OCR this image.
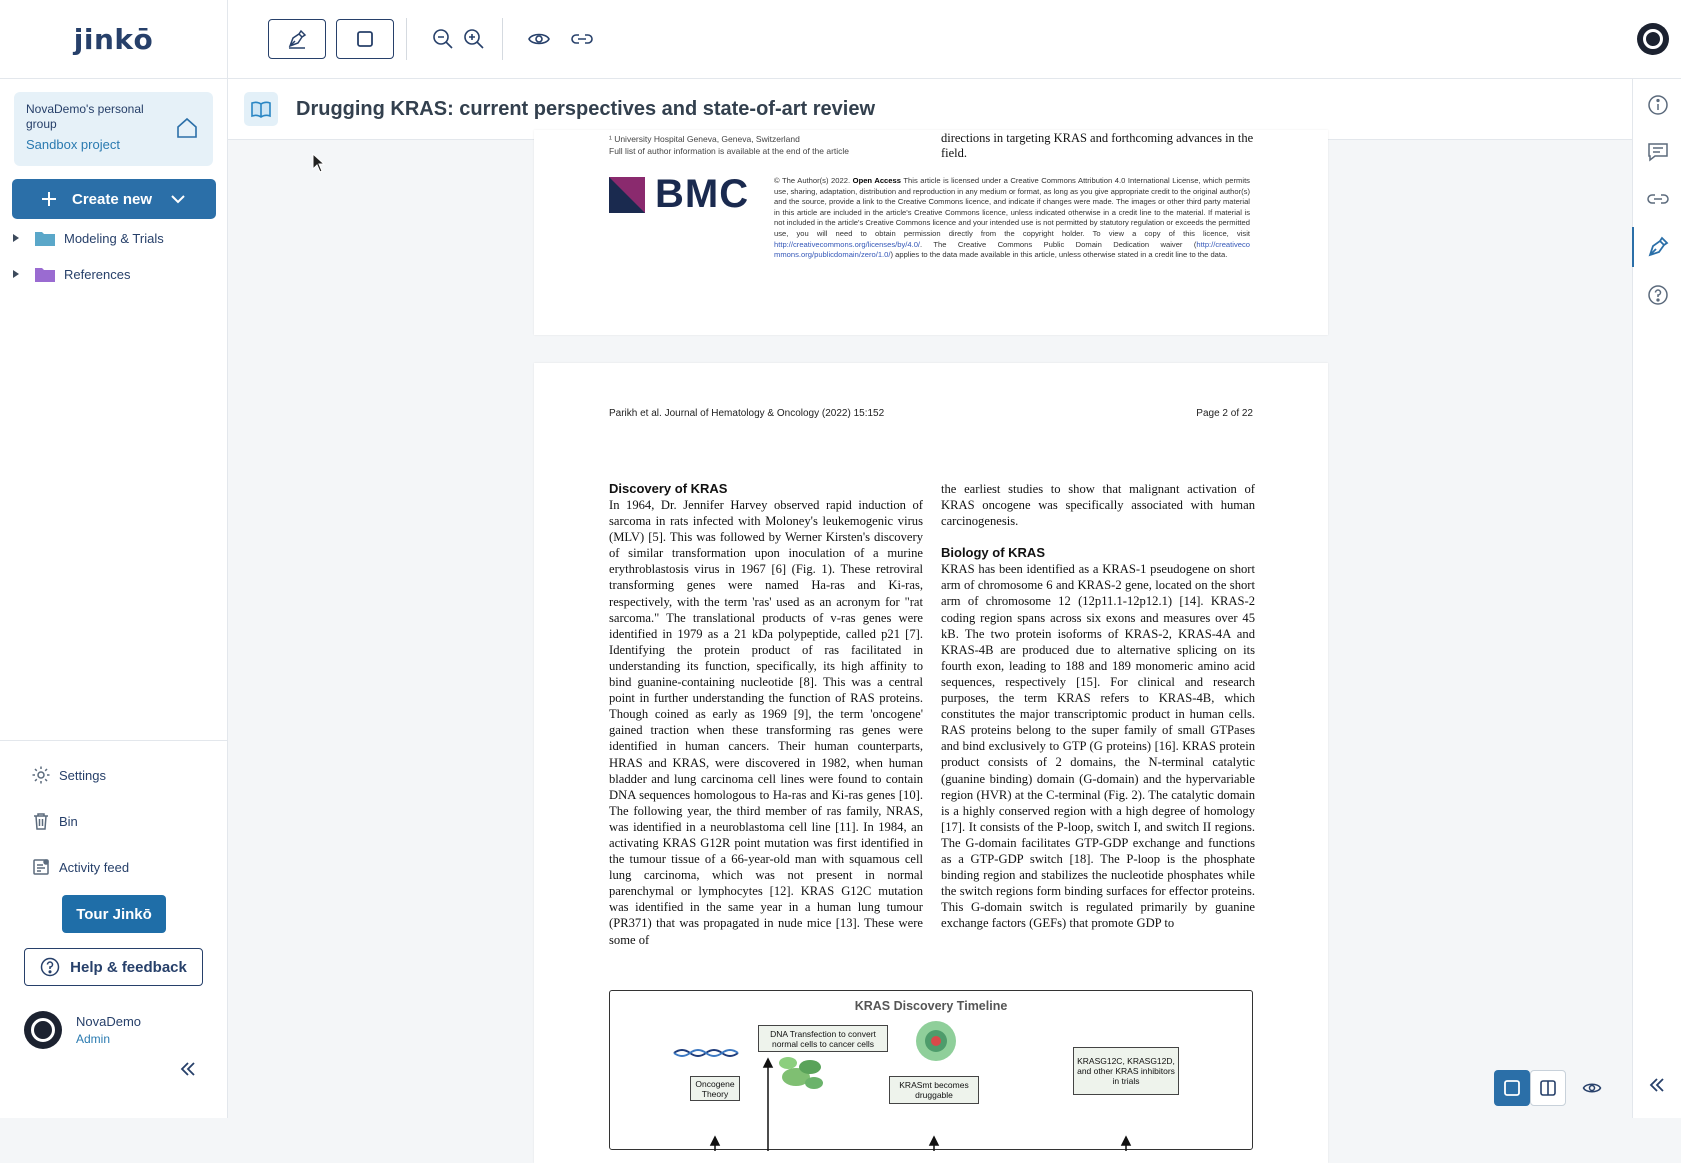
jinkō
NovaDemo's personal group
Sandbox project
Create new
Modeling & Trials
References
Settings
Bin
Activity feed
Tour Jinkō
Help & feedback
NovaDemo
Admin
Drugging KRAS: current perspectives and state-of-art review
¹ University Hospital Geneva, Geneva, Switzerland
Full list of author information is available at the end of the article
directions in targeting KRAS and forthcoming advances in the field.
BMC	© The Author(s) 2022. Open Access This article is licensed under a Creative Commons Attribution 4.0 International License, which permits use, sharing, adaptation, distribution and reproduction in any medium or format, as long as you give appropriate credit to the original author(s) and the source, provide a link to the Creative Commons licence, and indicate if changes were made. The images or other third party material in this article are included in the article's Creative Commons licence, unless indicated otherwise in a credit line to the material. If material is not included in the article's Creative Commons licence and your intended use is not permitted by statutory regulation or exceeds the permitted use, you will need to obtain permission directly from the copyright holder. To view a copy of this licence, visit http://creativecommons.org/licenses/by/4.0/. The Creative Commons Public Domain Dedication waiver (http://creativeco mmons.org/publicdomain/zero/1.0/) applies to the data made available in this article, unless otherwise stated in a credit line to the data.
Parikh et al. Journal of Hematology & Oncology (2022) 15:152	Page 2 of 22
Discovery of KRAS
In 1964, Dr. Jennifer Harvey observed rapid induction of sarcoma in rats infected with Moloney's leukemogenic virus (MLV) [5]. This was followed by Werner Kirsten's discovery of similar transformation upon inoculation of a murine erythroblastosis virus in 1967 [6] (Fig. 1). These retroviral transforming genes were named Ha-ras and Ki-ras, respectively, with the term 'ras' used as an acronym for "rat sarcoma." The translational products of v-ras genes were identified in 1979 as a 21 kDa polypeptide, called p21 [7]. Identifying the protein product of ras facilitated in understanding its function, specifically, its high affinity to bind guanine-containing nucleotide [8]. This was a central point in further understanding the function of RAS proteins. Though coined as early as 1969 [9], the term 'oncogene' gained traction when these transforming ras genes were identified in human cancers. Their human counterparts, HRAS and KRAS, were discovered in 1982, when human bladder and lung carcinoma cell lines were found to contain DNA sequences homologous to Ha-ras and Ki-ras genes [10]. The following year, the third member of ras family, NRAS, was identified in a neuroblastoma cell line [11]. In 1984, an activating KRAS G12R point mutation was first identified in the tumour tissue of a 66-year-old man with squamous cell lung carcinoma, which was not present in normal parenchymal or lymphocytes [12]. KRAS G12C mutation was identified in the same year in a human lung tumour (PR371) that was propagated in nude mice [13]. These were some of
the earliest studies to show that malignant activation of KRAS oncogene was specifically associated with human carcinogenesis.
Biology of KRAS
KRAS has been identified as a KRAS-1 pseudogene on short arm of chromosome 6 and KRAS-2 gene, located on the short arm of chromosome 12 (12p11.1-12p12.1) [14]. KRAS-2 coding region spans across six exons and measures over 45 kB. The two protein isoforms of KRAS-2, KRAS-4A and KRAS-4B are produced due to alternative splicing on its fourth exon, leading to 188 and 189 monomeric amino acid sequences, respectively [15]. For clinical and research purposes, the term KRAS refers to KRAS-4B, which constitutes the major transcriptomic product in human cells. RAS proteins belong to the super family of small GTPases and bind exclusively to GTP (G proteins) [16]. KRAS protein product consists of 2 domains, the N-terminal catalytic (guanine binding) domain (G-domain) and the hypervariable region (HVR) at the C-terminal (Fig. 2). The catalytic domain is a highly conserved region with a high degree of homology [17]. It consists of the P-loop, switch I, and switch II regions. The G-domain facilitates GTP-GDP exchange and functions as a GTP-GDP switch [18]. The P-loop is the phosphate binding region and stabilizes the nucleotide phosphates while the switch regions form binding surfaces for effector proteins. This G-domain switch is regulated primarily by guanine exchange factors (GEFs) that promote GDP to
KRAS Discovery Timeline
DNA Transfection to convert normal cells to cancer cells
Oncogene Theory
KRASmt becomes druggable
KRASG12C, KRASG12D, and other KRAS inhibitors in trials
